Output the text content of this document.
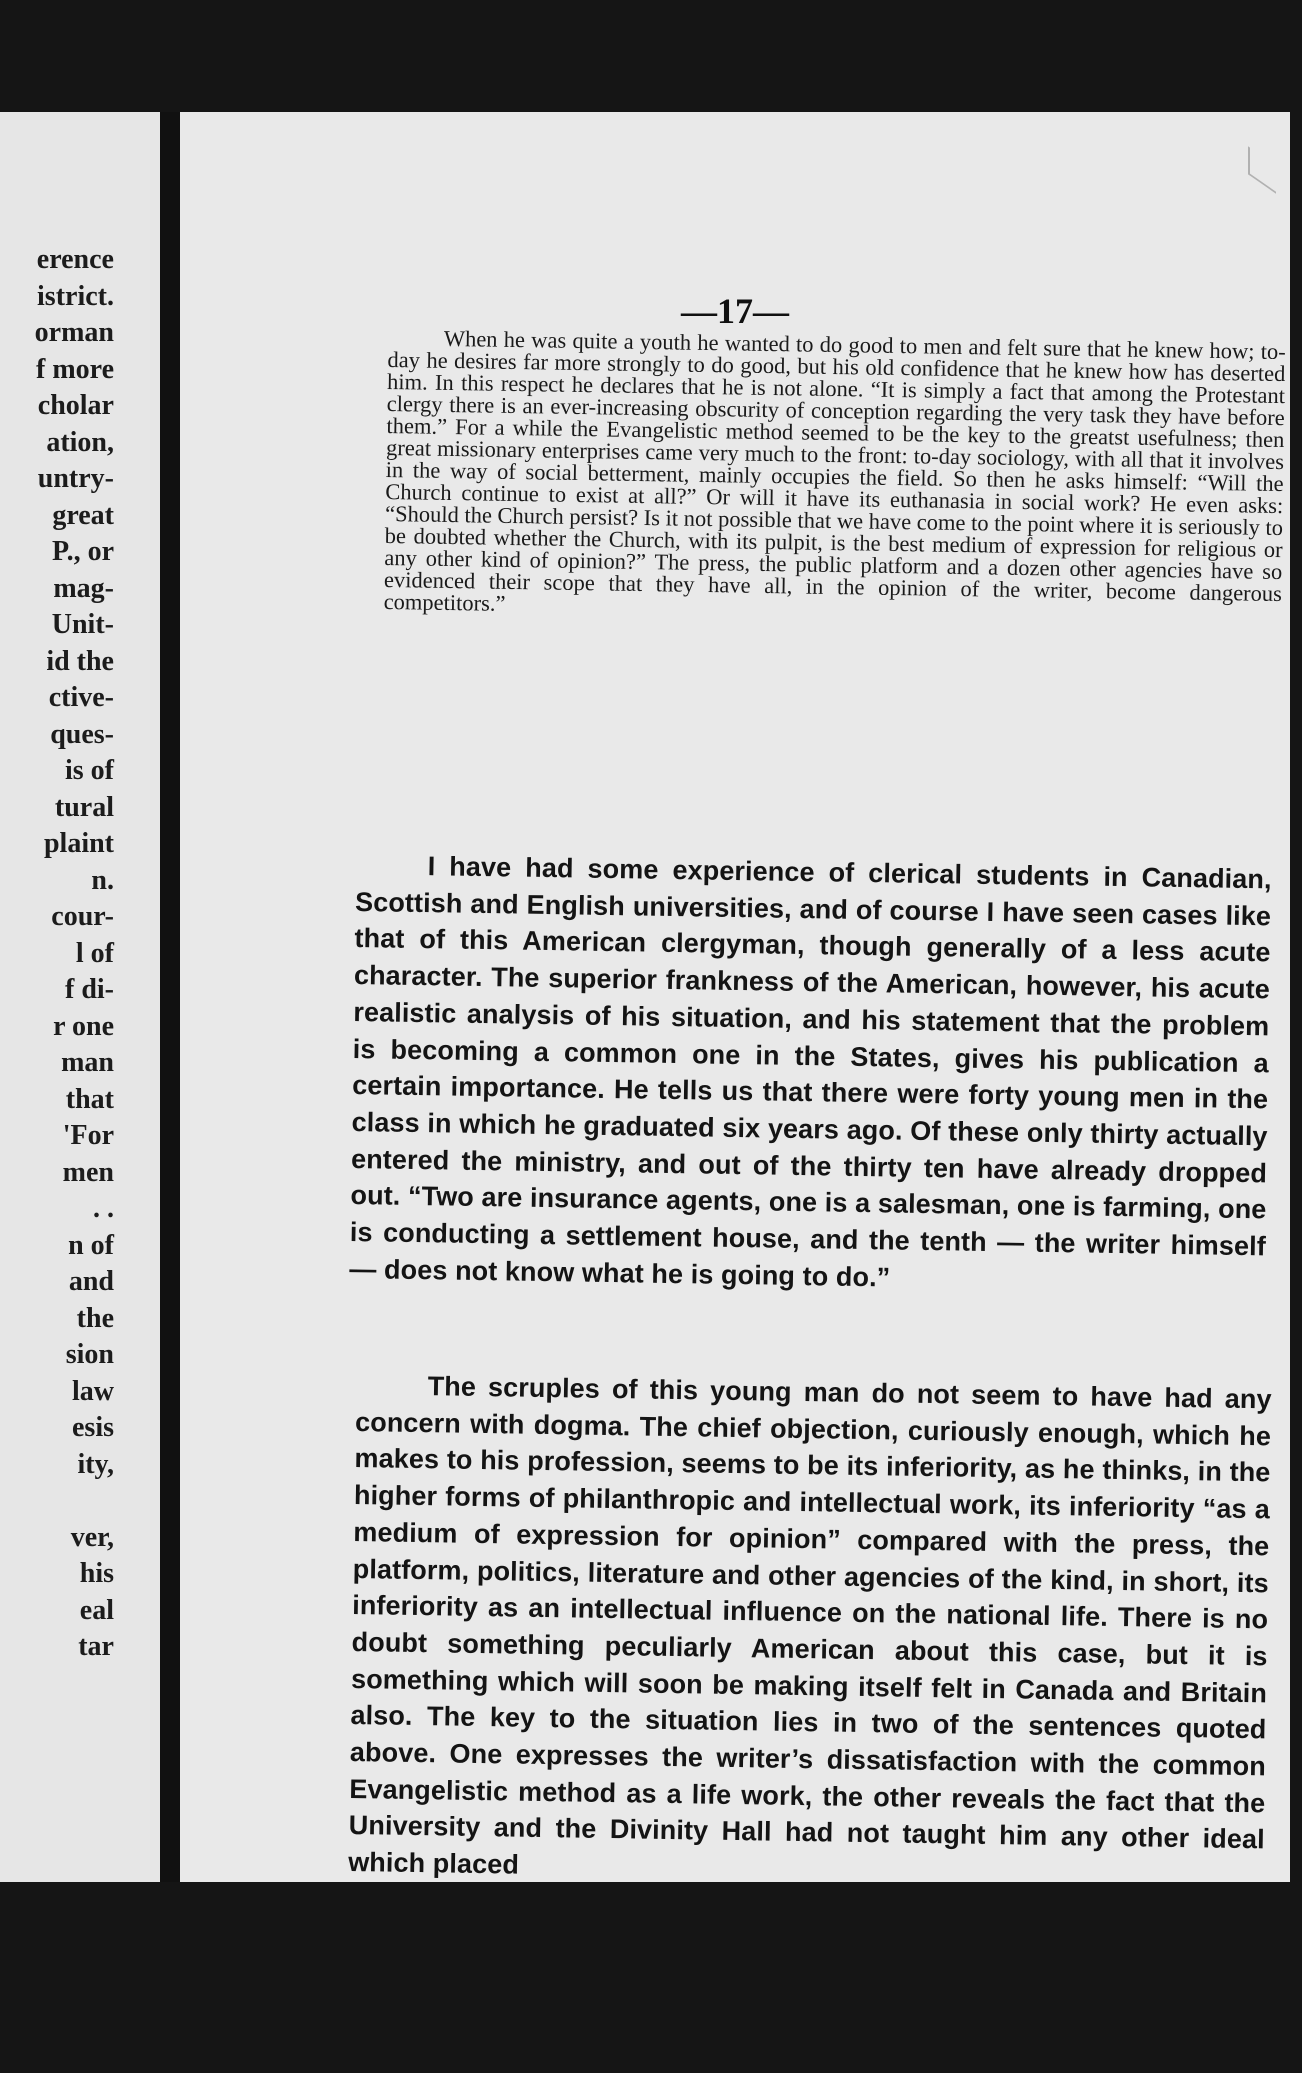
erence
istrict.
orman
f more
cholar
ation,
untry-
great
P., or
mag-
Unit-
id the
ctive-
ques-
is of
tural
plaint
n.
cour-
l of
f di-
r one
man
that
'For
men
. .
n of
and
the
sion
law
esis
ity,
ver,
his
eal
tar
—17—

When he was quite a youth he wanted to do good to men and felt sure that he knew how; to-day he desires far more strongly to do good, but his old confidence that he knew how has deserted him. In this respect he declares that he is not alone. “It is simply a fact that among the Protestant clergy there is an ever-increasing obscurity of conception regarding the very task they have before them.” For a while the Evangelistic method seemed to be the key to the greatst usefulness; then great missionary enterprises came very much to the front: to-day sociology, with all that it involves in the way of social betterment, mainly occupies the field. So then he asks himself: “Will the Church continue to exist at all?” Or will it have its euthanasia in social work? He even asks: “Should the Church persist? Is it not possible that we have come to the point where it is seriously to be doubted whether the Church, with its pulpit, is the best medium of expression for religious or any other kind of opinion?” The press, the public platform and a dozen other agencies have so evidenced their scope that they have all, in the opinion of the writer, become dangerous competitors.”

I have had some experience of clerical students in Canadian, Scottish and English universities, and of course I have seen cases like that of this American clergyman, though generally of a less acute character. The superior frankness of the American, however, his acute realistic analysis of his situation, and his statement that the problem is becoming a common one in the States, gives his publication a certain importance. He tells us that there were forty young men in the class in which he graduated six years ago. Of these only thirty actually entered the ministry, and out of the thirty ten have already dropped out. “Two are insurance agents, one is a salesman, one is farming, one is conducting a settlement house, and the tenth — the writer himself — does not know what he is going to do.”

The scruples of this young man do not seem to have had any concern with dogma. The chief objection, curiously enough, which he makes to his profession, seems to be its inferiority, as he thinks, in the higher forms of philanthropic and intellectual work, its inferiority “as a medium of expression for opinion” compared with the press, the platform, politics, literature and other agencies of the kind, in short, its inferiority as an intellectual influence on the national life. There is no doubt something peculiarly American about this case, but it is something which will soon be making itself felt in Canada and Britain also. The key to the situation lies in two of the sentences quoted above. One expresses the writer’s dissatisfaction with the common Evangelistic method as a life work, the other reveals the fact that the University and the Divinity Hall had not taught him any other ideal which placed
